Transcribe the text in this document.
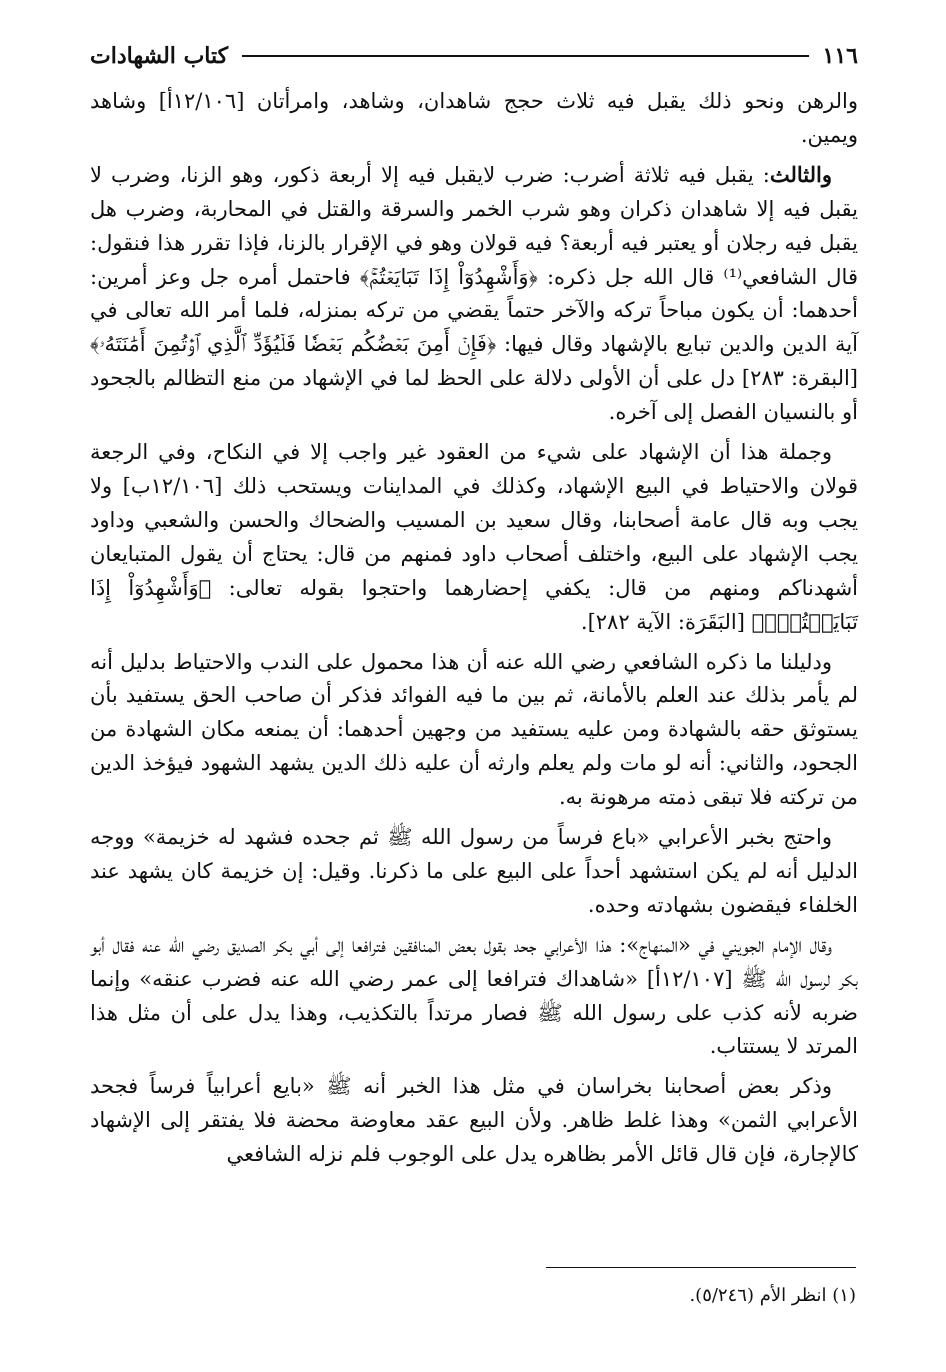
١١٦
كتاب الشهادات

والرهن ونحو ذلك يقبل فيه ثلاث حجج شاهدان، وشاهد، وامرأتان [١٢/١٠٦أ] وشاهد ويمين.

والثالث: يقبل فيه ثلاثة أضرب: ضرب لايقبل فيه إلا أربعة ذكور، وهو الزنا، وضرب لا يقبل فيه إلا شاهدان ذكران وهو شرب الخمر والسرقة والقتل في المحاربة، وضرب هل يقبل فيه رجلان أو يعتبر فيه أربعة؟ فيه قولان وهو في الإقرار بالزنا، فإذا تقرر هذا فنقول: قال الشافعي⁽¹⁾ قال الله جل ذكره: ﴿وَأَشْهِدُوٓاْ إِذَا تَبَايَعۡتُمۡۚ﴾ فاحتمل أمره جل وعز أمرين: أحدهما: أن يكون مباحاً تركه والآخر حتماً يقضي من تركه بمنزله، فلما أمر الله تعالى في آية الدين والدين تبايع بالإشهاد وقال فيها: ﴿فَإِنۡ أَمِنَ بَعۡضُكُم بَعۡضٗا فَلۡيُؤَدِّ ٱلَّذِي ٱؤۡتُمِنَ أَمَٰنَتَهُۥ﴾ [البقرة: ٢٨٣] دل على أن الأولى دلالة على الحظ لما في الإشهاد من منع التظالم بالجحود أو بالنسيان الفصل إلى آخره.

وجملة هذا أن الإشهاد على شيء من العقود غير واجب إلا في النكاح، وفي الرجعة قولان والاحتياط في البيع الإشهاد، وكذلك في المداينات ويستحب ذلك [١٢/١٠٦ب] ولا يجب وبه قال عامة أصحابنا، وقال سعيد بن المسيب والضحاك والحسن والشعبي وداود يجب الإشهاد على البيع، واختلف أصحاب داود فمنهم من قال: يحتاج أن يقول المتبايعان أشهدناكم ومنهم من قال: يكفي إحضارهما واحتجوا بقوله تعالى: ﴿وَأَشْهِدُوٓاْ إِذَا تَبَايَعۡتُمۡۚ﴾ [البَقَرَة: الآية ٢٨٢].

ودليلنا ما ذكره الشافعي رضي الله عنه أن هذا محمول على الندب والاحتياط بدليل أنه لم يأمر بذلك عند العلم بالأمانة، ثم بين ما فيه الفوائد فذكر أن صاحب الحق يستفيد بأن يستوثق حقه بالشهادة ومن عليه يستفيد من وجهين أحدهما: أن يمنعه مكان الشهادة من الجحود، والثاني: أنه لو مات ولم يعلم وارثه أن عليه ذلك الدين يشهد الشهود فيؤخذ الدين من تركته فلا تبقى ذمته مرهونة به.

واحتج بخبر الأعرابي «باع فرساً من رسول الله ﷺ ثم جحده فشهد له خزيمة» ووجه الدليل أنه لم يكن استشهد أحداً على البيع على ما ذكرنا. وقيل: إن خزيمة كان يشهد عند الخلفاء فيقضون بشهادته وحده.

وقال الإمام الجويني في «المنهاج»: هذا الأعرابي جحد بقول بعض المنافقين فترافعا إلى أبي بكر الصديق رضي الله عنه فقال أبو بكر لرسول الله ﷺ [١٢/١٠٧أ] «شاهداك فترافعا إلى عمر رضي الله عنه فضرب عنقه» وإنما ضربه لأنه كذب على رسول الله ﷺ فصار مرتداً بالتكذيب، وهذا يدل على أن مثل هذا المرتد لا يستتاب.

وذكر بعض أصحابنا بخراسان في مثل هذا الخبر أنه ﷺ «بايع أعرابياً فرساً فجحد الأعرابي الثمن» وهذا غلط ظاهر. ولأن البيع عقد معاوضة محضة فلا يفتقر إلى الإشهاد كالإجارة، فإن قال قائل الأمر بظاهره يدل على الوجوب فلم نزله الشافعي

(١) انظر الأم (٥/٢٤٦).
